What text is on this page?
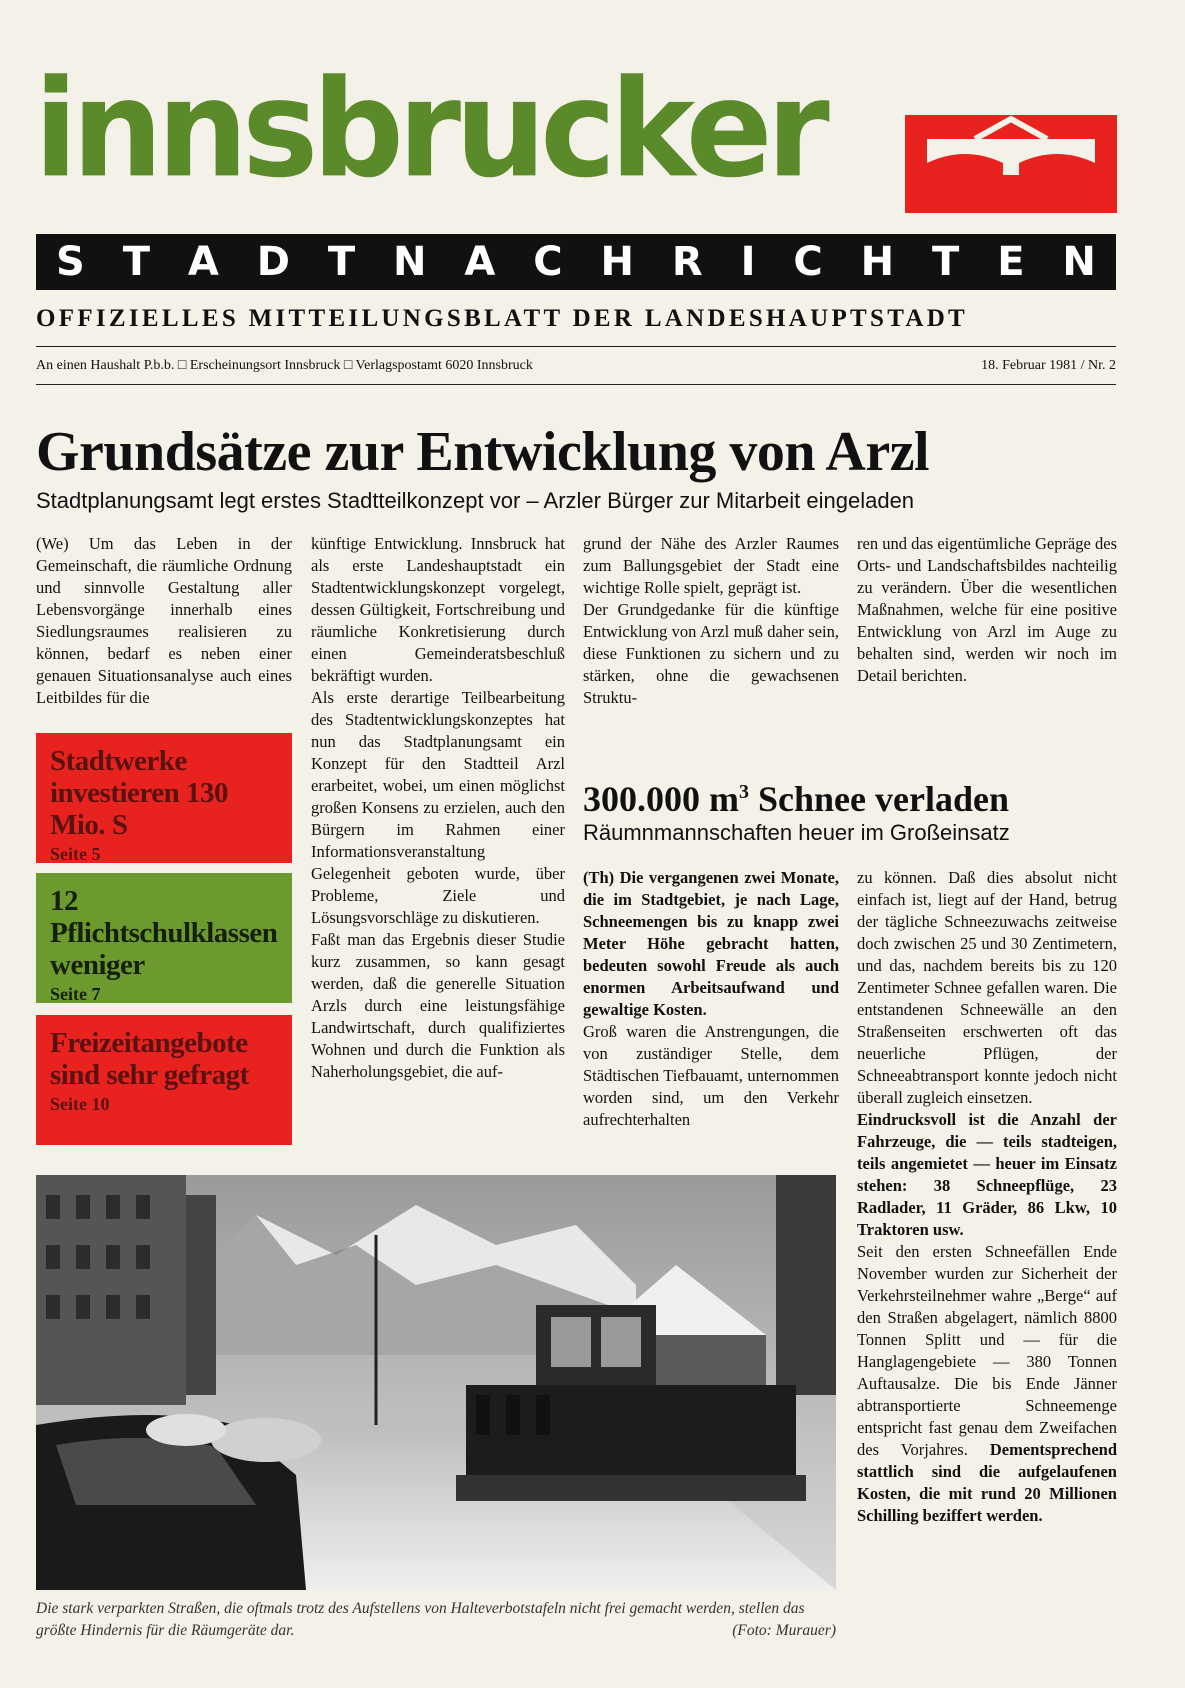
innsbrucker
S T A D T N A C H R I C H T E N
OFFIZIELLES MITTEILUNGSBLATT DER LANDESHAUPTSTADT
An einen Haushalt P.b.b. □ Erscheinungsort Innsbruck □ Verlagspostamt 6020 Innsbruck	18. Februar 1981 / Nr. 2
Grundsätze zur Entwicklung von Arzl
Stadtplanungsamt legt erstes Stadtteilkonzept vor – Arzler Bürger zur Mitarbeit eingeladen

(We) Um das Leben in der Gemeinschaft, die räumliche Ordnung und sinnvolle Gestaltung aller Lebensvorgänge innerhalb eines Siedlungsraumes realisieren zu können, bedarf es neben einer genauen Situationsanalyse auch eines Leitbildes für die

Stadtwerke investieren 130 Mio. S
Seite 5
12 Pflichtschulklassen weniger
Seite 7
Freizeitangebote sind sehr gefragt
Seite 10

künftige Entwicklung. Innsbruck hat als erste Landeshauptstadt ein Stadtentwicklungskonzept vorgelegt, dessen Gültigkeit, Fortschreibung und räumliche Konkretisierung durch einen Gemeinderatsbeschluß bekräftigt wurden.

Als erste derartige Teilbearbeitung des Stadtentwicklungskonzeptes hat nun das Stadtplanungsamt ein Konzept für den Stadtteil Arzl erarbeitet, wobei, um einen möglichst großen Konsens zu erzielen, auch den Bürgern im Rahmen einer Informationsveranstaltung Gelegenheit geboten wurde, über Probleme, Ziele und Lösungsvorschläge zu diskutieren.

Faßt man das Ergebnis dieser Studie kurz zusammen, so kann gesagt werden, daß die generelle Situation Arzls durch eine leistungsfähige Landwirtschaft, durch qualifiziertes Wohnen und durch die Funktion als Naherholungsgebiet, die auf-

grund der Nähe des Arzler Raumes zum Ballungsgebiet der Stadt eine wichtige Rolle spielt, geprägt ist.

Der Grundgedanke für die künftige Entwicklung von Arzl muß daher sein, diese Funktionen zu sichern und zu stärken, ohne die gewachsenen Struktu-

ren und das eigentümliche Gepräge des Orts- und Landschaftsbildes nachteilig zu verändern. Über die wesentlichen Maßnahmen, welche für eine positive Entwicklung von Arzl im Auge zu behalten sind, werden wir noch im Detail berichten.

300.000 $m^3$ Schnee verladen
Räumnmannschaften heuer im Großeinsatz

(Th) Die vergangenen zwei Monate, die im Stadtgebiet, je nach Lage, Schneemengen bis zu knapp zwei Meter Höhe gebracht hatten, bedeuten sowohl Freude als auch enormen Arbeitsaufwand und gewaltige Kosten.

Groß waren die Anstrengungen, die von zuständiger Stelle, dem Städtischen Tiefbauamt, unternommen worden sind, um den Verkehr aufrechterhalten

zu können. Daß dies absolut nicht einfach ist, liegt auf der Hand, betrug der tägliche Schneezuwachs zeitweise doch zwischen 25 und 30 Zentimetern, und das, nachdem bereits bis zu 120 Zentimeter Schnee gefallen waren. Die entstandenen Schneewälle an den Straßenseiten erschwerten oft das neuerliche Pflügen, der Schneeabtransport konnte jedoch nicht überall zugleich einsetzen.

Eindrucksvoll ist die Anzahl der Fahrzeuge, die — teils stadteigen, teils angemietet — heuer im Einsatz stehen: 38 Schneepflüge, 23 Radlader, 11 Gräder, 86 Lkw, 10 Traktoren usw.

Seit den ersten Schneefällen Ende November wurden zur Sicherheit der Verkehrsteilnehmer wahre „Berge“ auf den Straßen abgelagert, nämlich 8800 Tonnen Splitt und — für die Hanglagengebiete — 380 Tonnen Auftausalze. Die bis Ende Jänner abtransportierte Schneemenge entspricht fast genau dem Zweifachen des Vorjahres. Dementsprechend stattlich sind die aufgelaufenen Kosten, die mit rund 20 Millionen Schilling beziffert werden.

Die stark verparkten Straßen, die oftmals trotz des Aufstellens von Halteverbotstafeln nicht frei gemacht werden, stellen das größte Hindernis für die Räumgeräte dar.	(Foto: Murauer)
